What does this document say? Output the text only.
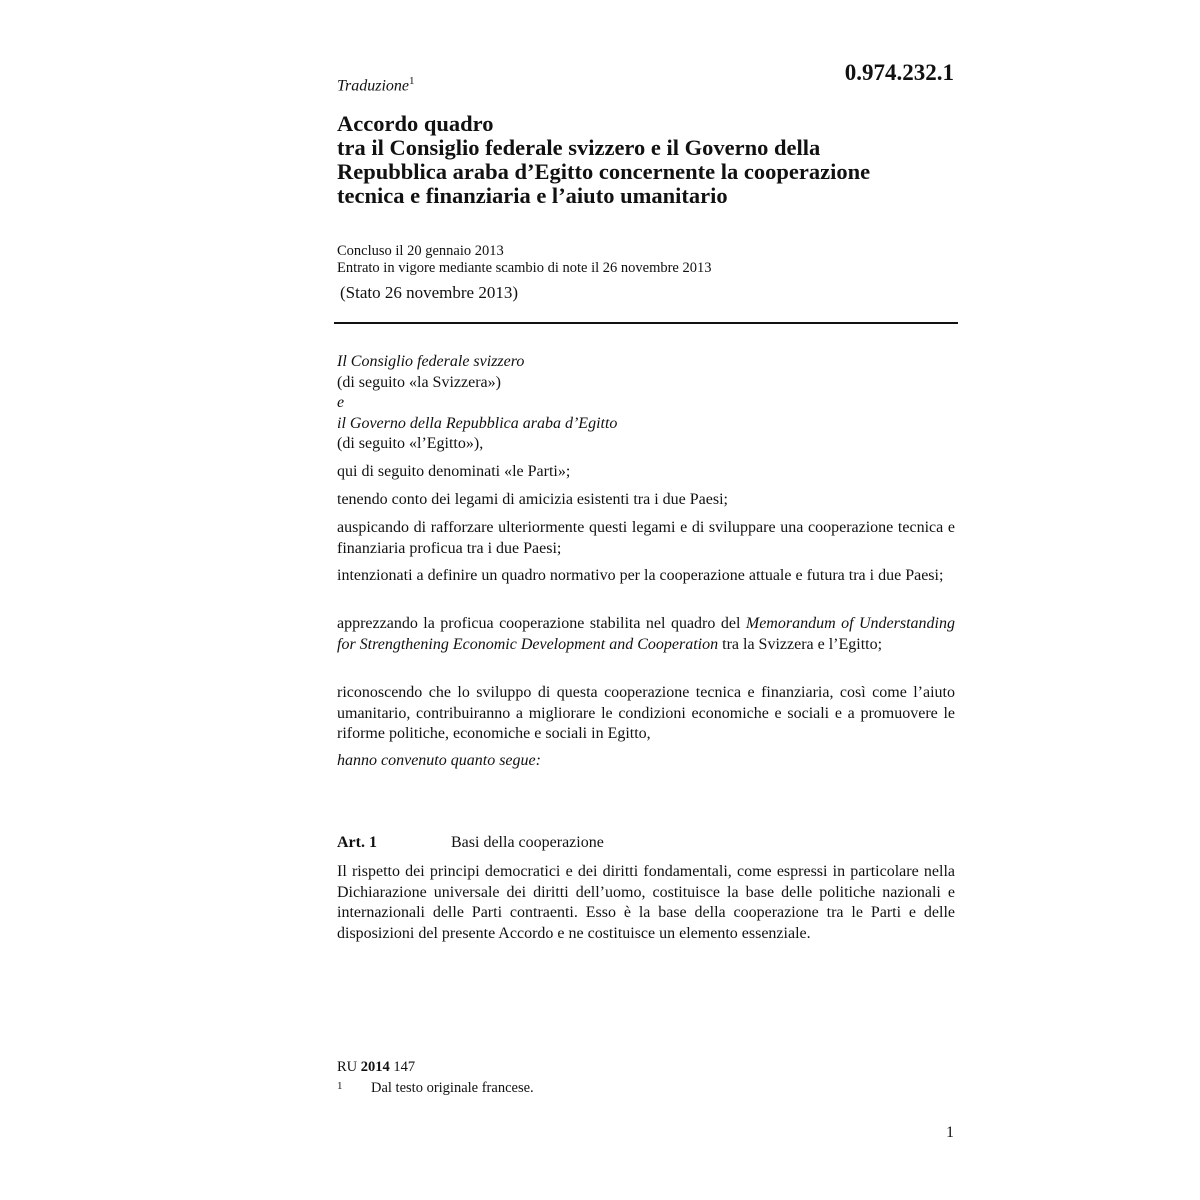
0.974.232.1
Traduzione$^1$
Accordo quadro
tra il Consiglio federale svizzero e il Governo della
Repubblica araba d’Egitto concernente la cooperazione
tecnica e finanziaria e l’aiuto umanitario
Concluso il 20 gennaio 2013
Entrato in vigore mediante scambio di note il 26 novembre 2013
(Stato 26 novembre 2013)
Il Consiglio federale svizzero
(di seguito «la Svizzera»)
e
il Governo della Repubblica araba d’Egitto
(di seguito «l’Egitto»),
qui di seguito denominati «le Parti»;
tenendo conto dei legami di amicizia esistenti tra i due Paesi;
auspicando di rafforzare ulteriormente questi legami e di sviluppare una cooperazione tecnica e finanziaria proficua tra i due Paesi;
intenzionati a definire un quadro normativo per la cooperazione attuale e futura tra i due Paesi;
apprezzando la proficua cooperazione stabilita nel quadro del Memorandum of Understanding for Strengthening Economic Development and Cooperation tra la Svizzera e l’Egitto;
riconoscendo che lo sviluppo di questa cooperazione tecnica e finanziaria, così come l’aiuto umanitario, contribuiranno a migliorare le condizioni economiche e sociali e a promuovere le riforme politiche, economiche e sociali in Egitto,
hanno convenuto quanto segue:
Art. 1	Basi della cooperazione
Il rispetto dei principi democratici e dei diritti fondamentali, come espressi in particolare nella Dichiarazione universale dei diritti dell’uomo, costituisce la base delle politiche nazionali e internazionali delle Parti contraenti. Esso è la base della cooperazione tra le Parti e delle disposizioni del presente Accordo e ne costituisce un elemento essenziale.
RU 2014 147
1 Dal testo originale francese.
1
